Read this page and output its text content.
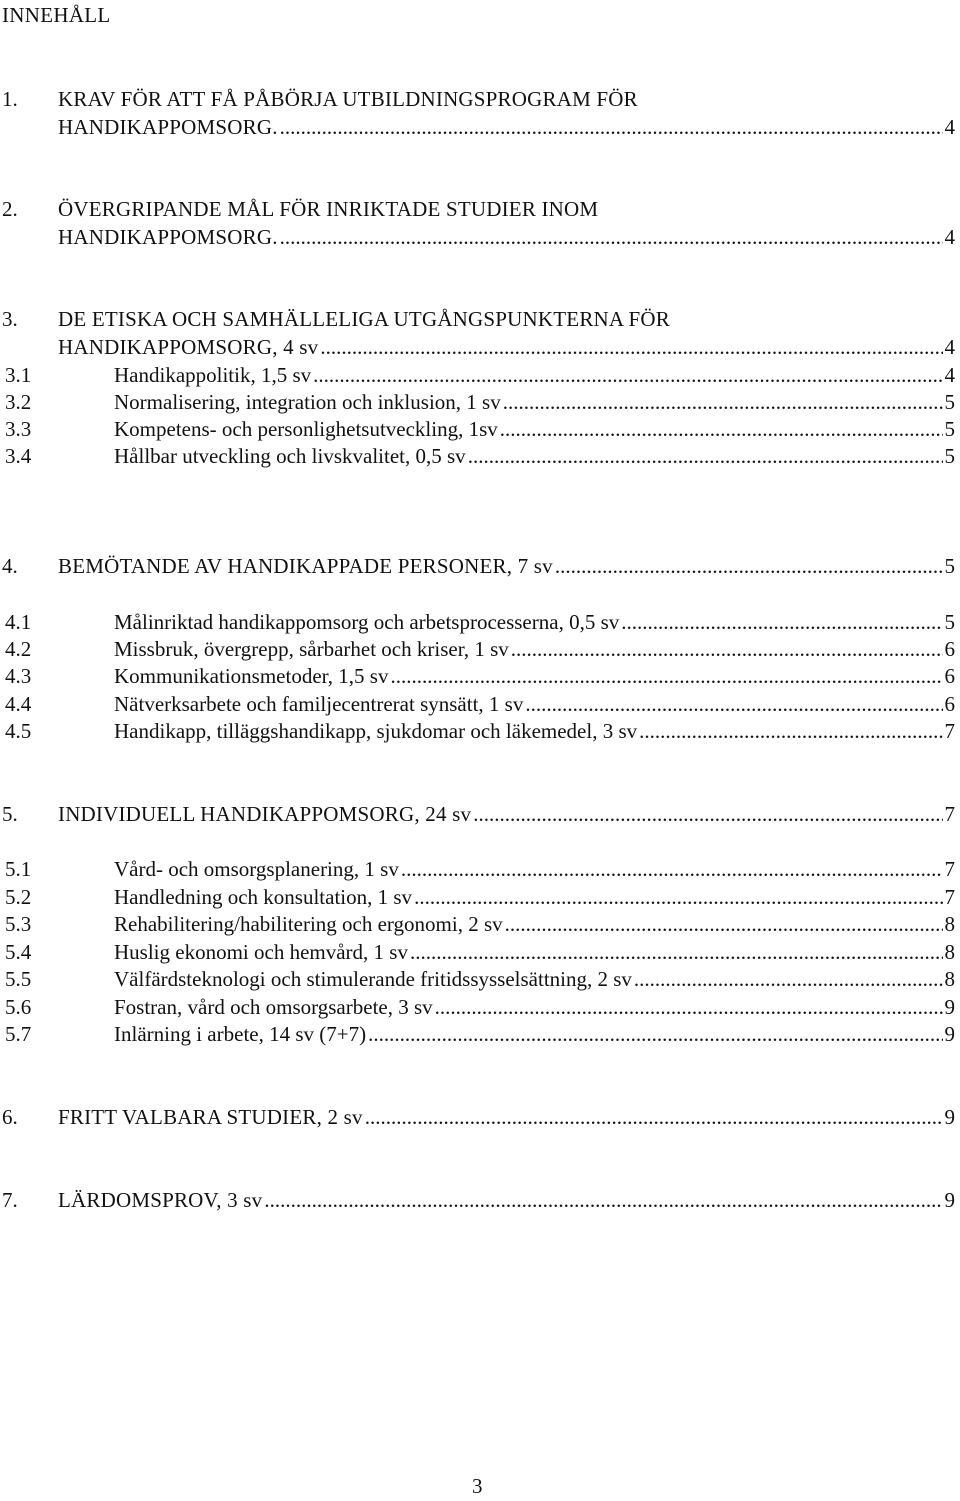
INNEHÅLL
1. KRAV FÖR ATT FÅ PÅBÖRJA UTBILDNINGSPROGRAM FÖR
HANDIKAPPOMSORG. .....	4
2. ÖVERGRIPANDE MÅL FÖR INRIKTADE STUDIER INOM
HANDIKAPPOMSORG. .....	4
3. DE ETISKA OCH SAMHÄLLELIGA UTGÅNGSPUNKTERNA FÖR
HANDIKAPPOMSORG, 4 sv .....	4
3.1	Handikappolitik, 1,5 sv .....	4
3.2	Normalisering, integration och inklusion, 1 sv .....	5
3.3	Kompetens- och personlighetsutveckling, 1sv .....	5
3.4	Hållbar utveckling och livskvalitet, 0,5 sv .....	5
4. BEMÖTANDE AV HANDIKAPPADE PERSONER, 7 sv .....	5
4.1	Målinriktad handikappomsorg och arbetsprocesserna, 0,5 sv .....	5
4.2	Missbruk, övergrepp, sårbarhet och kriser, 1 sv .....	6
4.3	Kommunikationsmetoder, 1,5 sv .....	6
4.4	Nätverksarbete och familjecentrerat synsätt, 1 sv .....	6
4.5	Handikapp, tilläggshandikapp, sjukdomar och läkemedel, 3 sv .....	7
5. INDIVIDUELL HANDIKAPPOMSORG, 24 sv .....	7
5.1	Vård- och omsorgsplanering, 1 sv .....	7
5.2	Handledning och konsultation, 1 sv .....	7
5.3	Rehabilitering/habilitering och ergonomi, 2 sv .....	8
5.4	Huslig ekonomi och hemvård, 1 sv .....	8
5.5	Välfärdsteknologi och stimulerande fritidssysselsättning, 2 sv .....	8
5.6	Fostran, vård och omsorgsarbete, 3 sv .....	9
5.7	Inlärning i arbete, 14 sv (7+7) .....	9
6. FRITT VALBARA STUDIER, 2 sv .....	9
7. LÄRDOMSPROV, 3 sv .....	9
3
